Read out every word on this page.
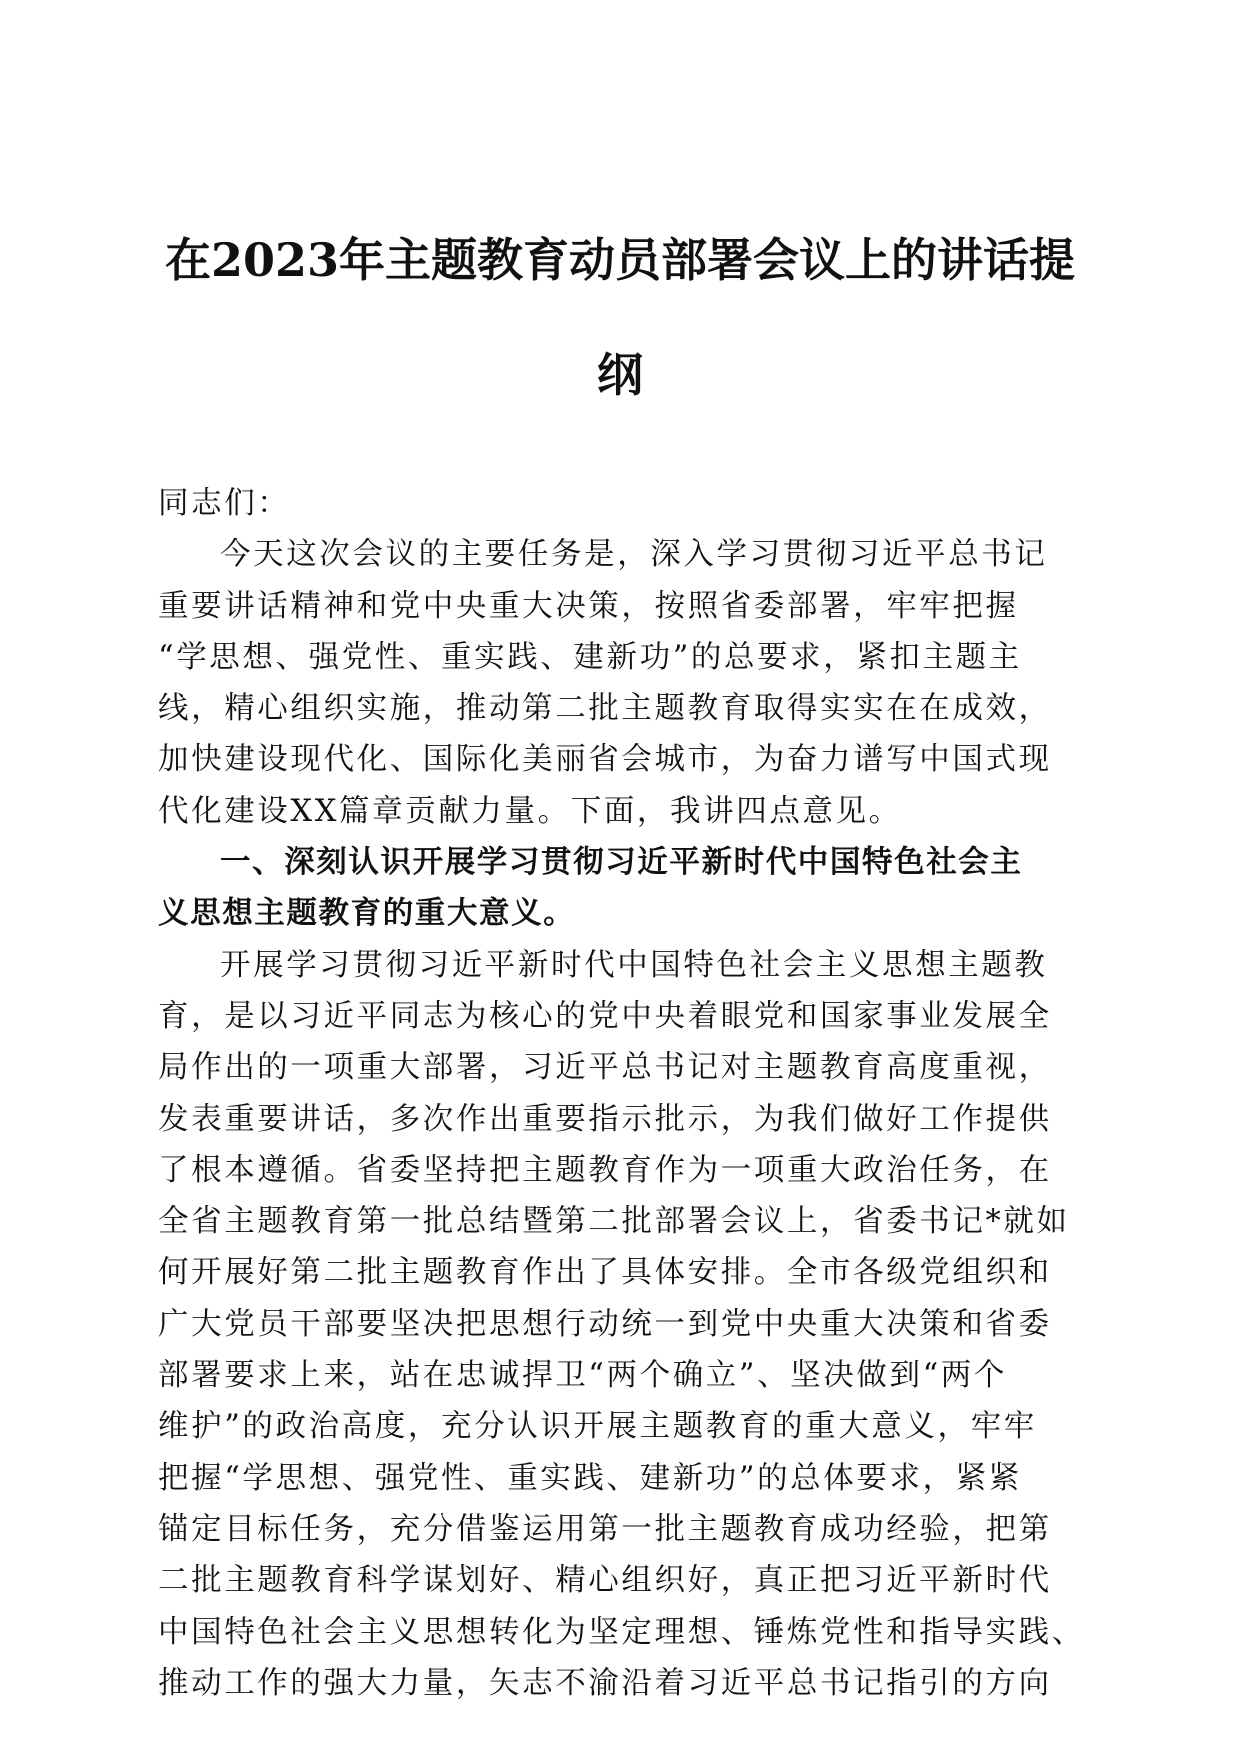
在2023年主题教育动员部署会议上的讲话提
纲
同志们：
今天这次会议的主要任务是，深入学习贯彻习近平总书记
重要讲话精神和党中央重大决策，按照省委部署，牢牢把握
“学思想、强党性、重实践、建新功”的总要求，紧扣主题主
线，精心组织实施，推动第二批主题教育取得实实在在成效，
加快建设现代化、国际化美丽省会城市，为奋力谱写中国式现
代化建设XX篇章贡献力量。下面，我讲四点意见。
一、深刻认识开展学习贯彻习近平新时代中国特色社会主
义思想主题教育的重大意义。
开展学习贯彻习近平新时代中国特色社会主义思想主题教
育，是以习近平同志为核心的党中央着眼党和国家事业发展全
局作出的一项重大部署，习近平总书记对主题教育高度重视，
发表重要讲话，多次作出重要指示批示，为我们做好工作提供
了根本遵循。省委坚持把主题教育作为一项重大政治任务，在
全省主题教育第一批总结暨第二批部署会议上，省委书记*就如
何开展好第二批主题教育作出了具体安排。全市各级党组织和
广大党员干部要坚决把思想行动统一到党中央重大决策和省委
部署要求上来，站在忠诚捍卫“两个确立”、坚决做到“两个
维护”的政治高度，充分认识开展主题教育的重大意义，牢牢
把握“学思想、强党性、重实践、建新功”的总体要求，紧紧
锚定目标任务，充分借鉴运用第一批主题教育成功经验，把第
二批主题教育科学谋划好、精心组织好，真正把习近平新时代
中国特色社会主义思想转化为坚定理想、锤炼党性和指导实践、
推动工作的强大力量，矢志不渝沿着习近平总书记指引的方向
